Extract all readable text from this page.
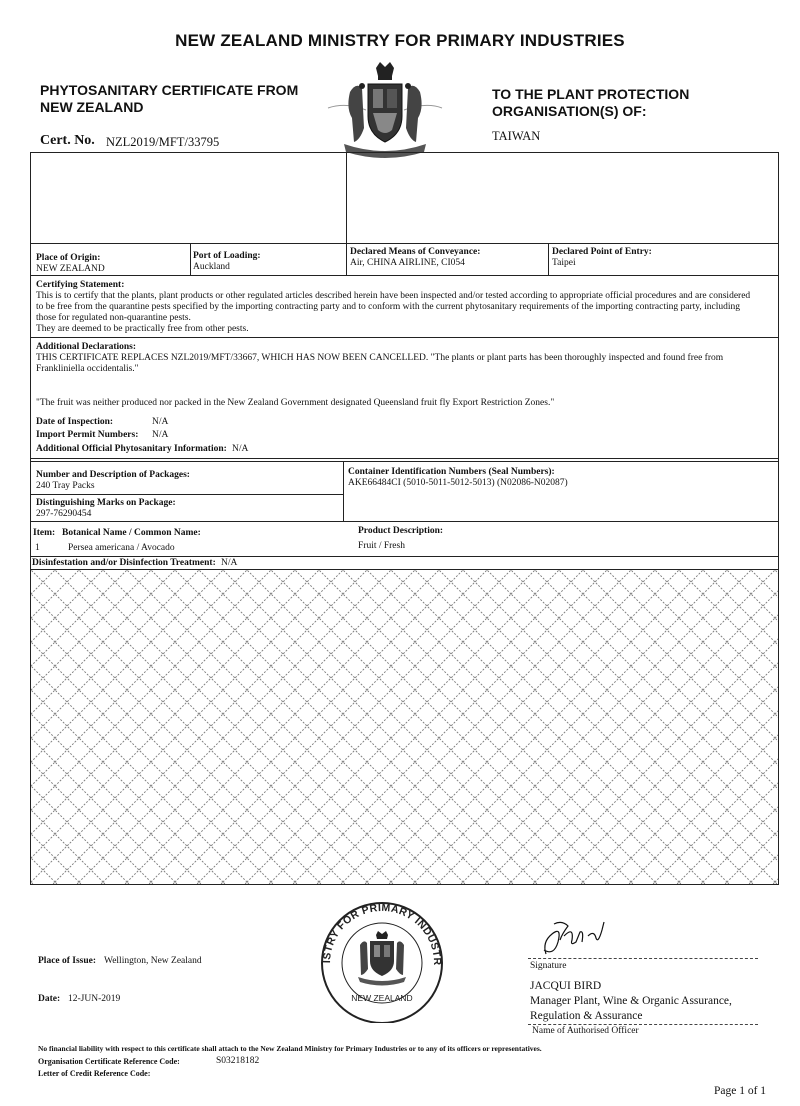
NEW ZEALAND MINISTRY FOR PRIMARY INDUSTRIES
PHYTOSANITARY CERTIFICATE FROM
NEW ZEALAND
Cert. No. NZL2019/MFT/33795
TO THE PLANT PROTECTION
ORGANISATION(S) OF:
TAIWAN
Place of Origin:
NEW ZEALAND
Port of Loading:
Auckland
Declared Means of Conveyance:
Air, CHINA AIRLINE, CI054
Declared Point of Entry:
Taipei
Certifying Statement:
This is to certify that the plants, plant products or other regulated articles described herein have been inspected and/or tested according to appropriate official procedures and are considered
to be free from the quarantine pests specified by the importing contracting party and to conform with the current phytosanitary requirements of the importing contracting party, including
those for regulated non-quarantine pests.
They are deemed to be practically free from other pests.
Additional Declarations:
THIS CERTIFICATE REPLACES NZL2019/MFT/33667, WHICH HAS NOW BEEN CANCELLED. "The plants or plant parts has been thoroughly inspected and found free from
Frankliniella occidentalis."
"The fruit was neither produced nor packed in the New Zealand Government designated Queensland fruit fly Export Restriction Zones."
Date of Inspection:	N/A
Import Permit Numbers: N/A
Additional Official Phytosanitary Information: N/A
Number and Description of Packages:
240 Tray Packs
Container Identification Numbers (Seal Numbers):
AKE66484CI (5010-5011-5012-5013) (N02086-N02087)
Distinguishing Marks on Package:
297-76290454
Item: Botanical Name / Common Name:	Product Description:
1	Persea americana / Avocado	Fruit / Fresh
Disinfestation and/or Disinfection Treatment: N/A
Place of Issue: Wellington, New Zealand
Date: 12-JUN-2019
ISTRY FOR PRIMARY INDUSTR
NEW ZEALAND
Signature
JACQUI BIRD
Manager Plant, Wine & Organic Assurance,
Regulation & Assurance
Name of Authorised Officer
No financial liability with respect to this certificate shall attach to the New Zealand Ministry for Primary Industries or to any of its officers or representatives.
Organisation Certificate Reference Code:	S03218182
Letter of Credit Reference Code:
Page 1 of 1
